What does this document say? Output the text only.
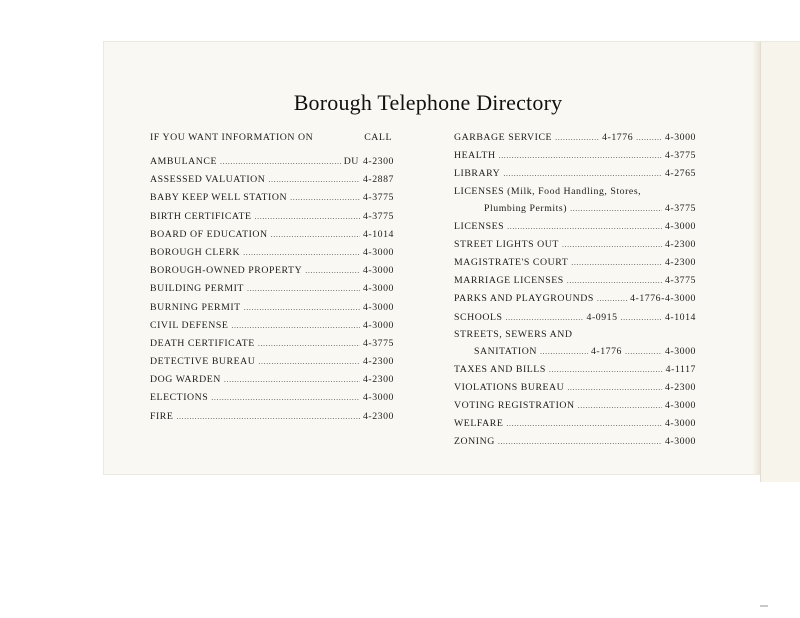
Borough Telephone Directory
IF YOU WANT INFORMATION ON	CALL
AMBULANCE .....	DU 4-2300
ASSESSED VALUATION .....	4-2887
BABY KEEP WELL STATION .....	4-3775
BIRTH CERTIFICATE .....	4-3775
BOARD OF EDUCATION .....	4-1014
BOROUGH CLERK .....	4-3000
BOROUGH-OWNED PROPERTY .....	4-3000
BUILDING PERMIT .....	4-3000
BURNING PERMIT .....	4-3000
CIVIL DEFENSE .....	4-3000
DEATH CERTIFICATE .....	4-3775
DETECTIVE BUREAU .....	4-2300
DOG WARDEN .....	4-2300
ELECTIONS .....	4-3000
FIRE .....	4-2300
GARBAGE SERVICE .....	4-1776 .....	4-3000
HEALTH .....	4-3775
LIBRARY .....	4-2765
LICENSES (Milk, Food Handling, Stores,
Plumbing Permits) .....	4-3775
LICENSES .....	4-3000
STREET LIGHTS OUT .....	4-2300
MAGISTRATE'S COURT .....	4-2300
MARRIAGE LICENSES .....	4-3775
PARKS AND PLAYGROUNDS .....	4-1776-4-3000
SCHOOLS .....	4-0915 .....	4-1014
STREETS, SEWERS AND
SANITATION .....	4-1776 .....	4-3000
TAXES AND BILLS .....	4-1117
VIOLATIONS BUREAU .....	4-2300
VOTING REGISTRATION .....	4-3000
WELFARE .....	4-3000
ZONING .....	4-3000
